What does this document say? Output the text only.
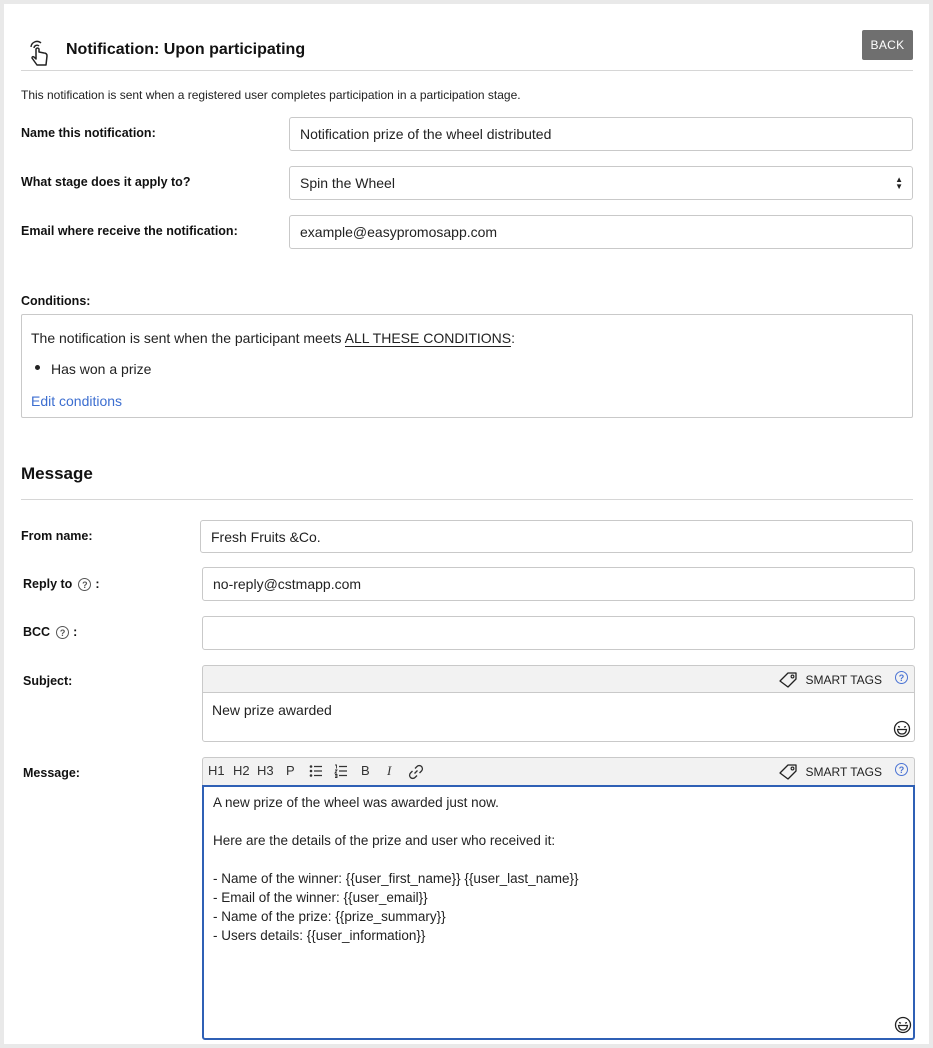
Notification: Upon participating	BACK
This notification is sent when a registered user completes participation in a participation stage.
Name this notification:	Notification prize of the wheel distributed
What stage does it apply to?	Spin the Wheel	▲
▼
Email where receive the notification:	example@easypromosapp.com
Conditions:
The notification is sent when the participant meets ALL THESE CONDITIONS:
Has won a prize
Edit conditions
Message
From name:	Fresh Fruits &Co.
Reply to ? :	no-reply@cstmapp.com
BCC ? :
Subject:	SMART TAGS	?
New prize awarded
Message:	H1 H2 H3 P	B I	SMART TAGS	?
A new prize of the wheel was awarded just now.
Here are the details of the prize and user who received it:
- Name of the winner: {{user_first_name}} {{user_last_name}}
- Email of the winner: {{user_email}}
- Name of the prize: {{prize_summary}}
- Users details: {{user_information}}
